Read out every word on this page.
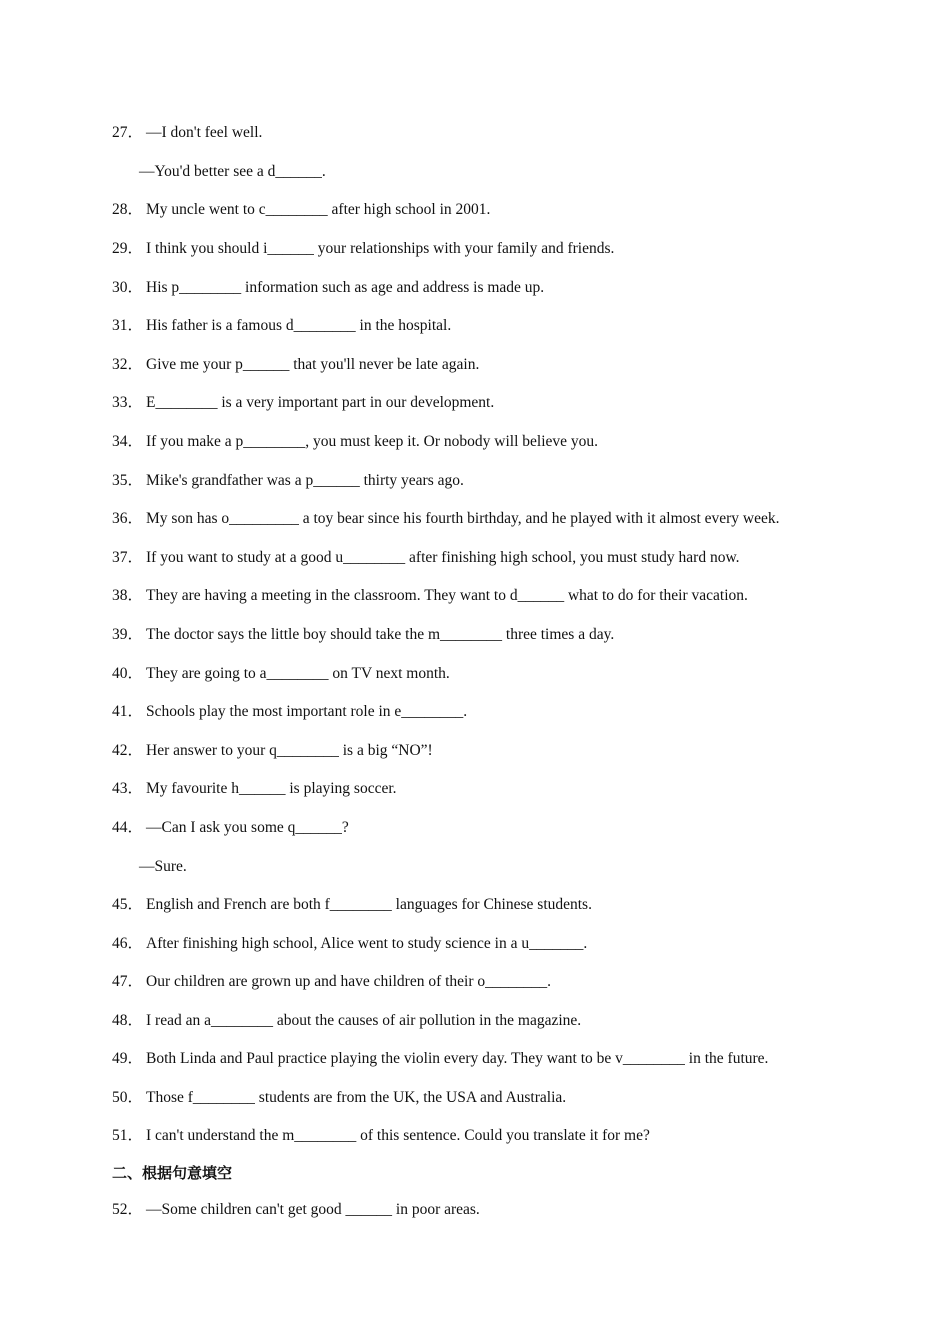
27． —I don't feel well.
—You'd better see a d______.
28． My uncle went to c________ after high school in 2001.
29． I think you should i______ your relationships with your family and friends.
30． His p________ information such as age and address is made up.
31． His father is a famous d________ in the hospital.
32． Give me your p______ that you'll never be late again.
33． E________ is a very important part in our development.
34． If you make a p________, you must keep it. Or nobody will believe you.
35． Mike's grandfather was a p______ thirty years ago.
36． My son has o_________ a toy bear since his fourth birthday, and he played with it almost every week.
37． If you want to study at a good u________ after finishing high school, you must study hard now.
38． They are having a meeting in the classroom. They want to d______ what to do for their vacation.
39． The doctor says the little boy should take the m________ three times a day.
40． They are going to a________ on TV next month.
41． Schools play the most important role in e________.
42． Her answer to your q________ is a big “NO”!
43． My favourite h______ is playing soccer.
44． —Can I ask you some q______?
—Sure.
45． English and French are both f________ languages for Chinese students.
46． After finishing high school, Alice went to study science in a u_______.
47． Our children are grown up and have children of their o________.
48． I read an a________ about the causes of air pollution in the magazine.
49． Both Linda and Paul practice playing the violin every day. They want to be v________ in the future.
50． Those f________ students are from the UK, the USA and Australia.
51． I can't understand the m________ of this sentence. Could you translate it for me?
二、根据句意填空
52． —Some children can't get good ______ in poor areas.
